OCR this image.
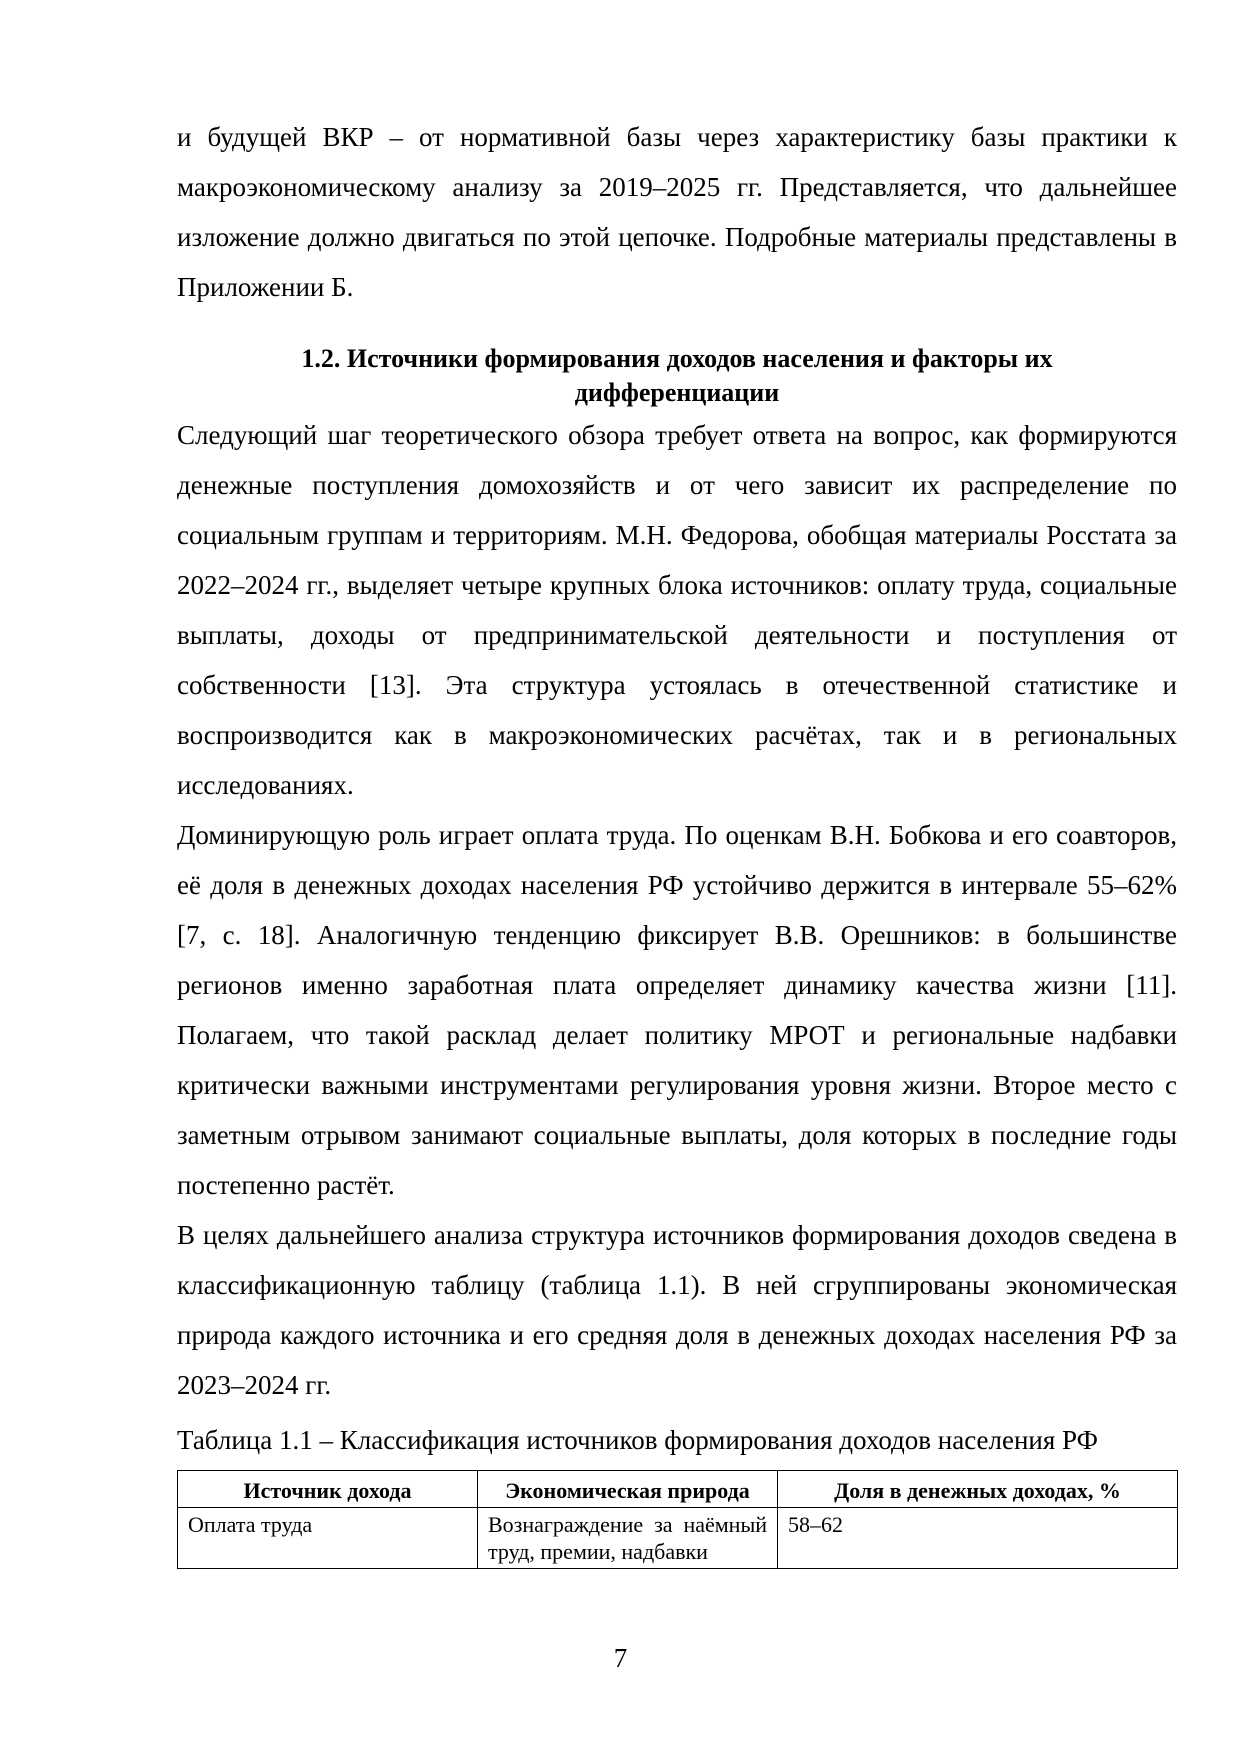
и будущей ВКР – от нормативной базы через характеристику базы практики к макроэкономическому анализу за 2019–2025 гг. Представляется, что дальнейшее изложение должно двигаться по этой цепочке. Подробные материалы представлены в Приложении Б.

1.2. Источники формирования доходов населения и факторы их дифференциации

Следующий шаг теоретического обзора требует ответа на вопрос, как формируются денежные поступления домохозяйств и от чего зависит их распределение по социальным группам и территориям. М.Н. Федорова, обобщая материалы Росстата за 2022–2024 гг., выделяет четыре крупных блока источников: оплату труда, социальные выплаты, доходы от предпринимательской деятельности и поступления от собственности [13]. Эта структура устоялась в отечественной статистике и воспроизводится как в макроэкономических расчётах, так и в региональных исследованиях.

Доминирующую роль играет оплата труда. По оценкам В.Н. Бобкова и его соавторов, её доля в денежных доходах населения РФ устойчиво держится в интервале 55–62% [7, с. 18]. Аналогичную тенденцию фиксирует В.В. Орешников: в большинстве регионов именно заработная плата определяет динамику качества жизни [11]. Полагаем, что такой расклад делает политику МРОТ и региональные надбавки критически важными инструментами регулирования уровня жизни. Второе место с заметным отрывом занимают социальные выплаты, доля которых в последние годы постепенно растёт.

В целях дальнейшего анализа структура источников формирования доходов сведена в классификационную таблицу (таблица 1.1). В ней сгруппированы экономическая природа каждого источника и его средняя доля в денежных доходах населения РФ за 2023–2024 гг.

Таблица 1.1 – Классификация источников формирования доходов населения РФ

Источник дохода	Экономическая природа	Доля в денежных доходах, %
Оплата труда	Вознаграждение за наёмный труд, премии, надбавки	58–62
7
